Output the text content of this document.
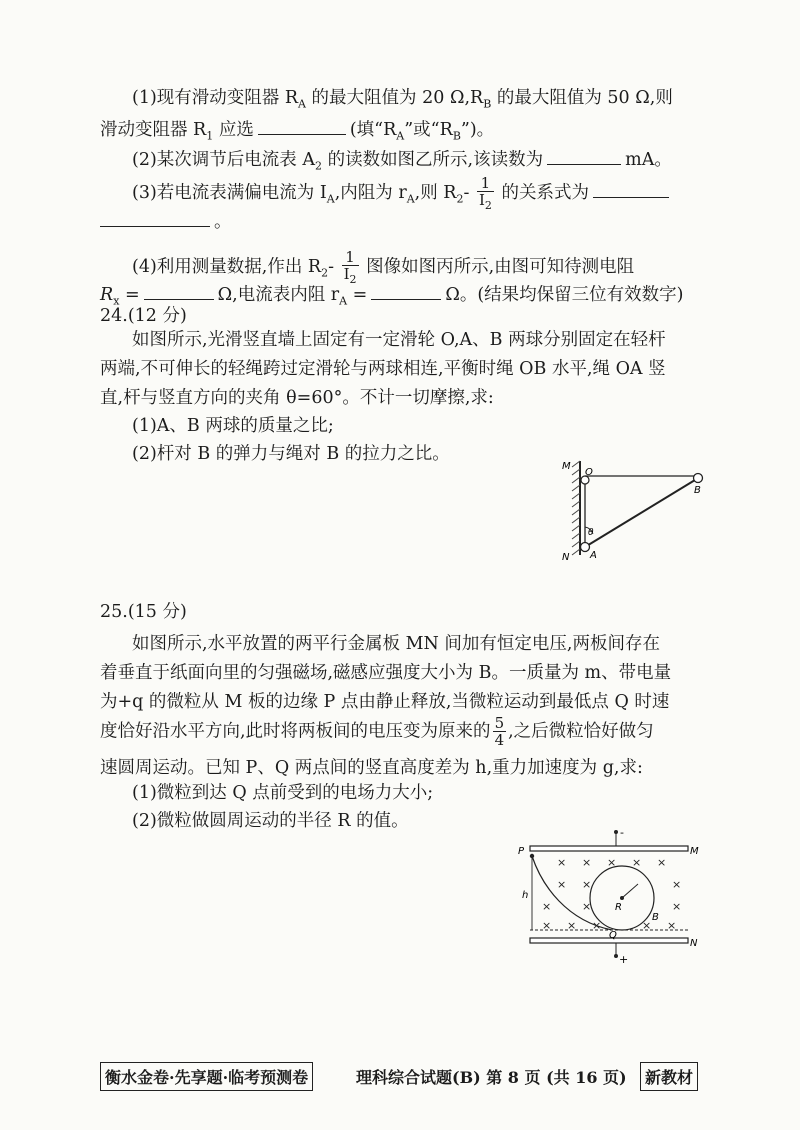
(1)现有滑动变阻器 $R_A$ 的最大阻值为 20 $\Omega,R_B$ 的最大阻值为 50 Ω,则
滑动变阻器 $R_1$ 应选	(填“$R_A$”或“$R_B$”)。
(2)某次调节后电流表 $A_2$ 的读数如图乙所示,该读数为	mA。
(3)若电流表满偏电流为 $I_A$,内阻为 $r_A$,则 $R_2- \frac{1}{I_2}$ 的关系式为
。
(4)利用测量数据,作出 $R_2- \frac{1}{I_2}$ 图像如图丙所示,由图可知待测电阻
$R_x$ =	Ω,电流表内阻 $r_A$ =	Ω。(结果均保留三位有效数字)
24.(12 分)
如图所示,光滑竖直墙上固定有一定滑轮 O,A、B 两球分别固定在轻杆
两端,不可伸长的轻绳跨过定滑轮与两球相连,平衡时绳 OB 水平,绳 OA 竖
直,杆与竖直方向的夹角 θ=60°。不计一切摩擦,求:
(1)A、B 两球的质量之比;
(2)杆对 B 的弹力与绳对 B 的拉力之比。
M
O
B
θ
N A
25.(15 分)
如图所示,水平放置的两平行金属板 MN 间加有恒定电压,两板间存在
着垂直于纸面向里的匀强磁场,磁感应强度大小为 B。一质量为 m、带电量
为+q 的微粒从 M 板的边缘 P 点由静止释放,当微粒运动到最低点 Q 时速
度恰好沿水平方向,此时将两板间的电压变为原来的 $\frac{5}{4}$ ,之后微粒恰好做匀
速圆周运动。已知 P、Q 两点间的竖直高度差为 h,重力加速度为 g,求:
(1)微粒到达 Q 点前受到的电场力大小;
(2)微粒做圆周运动的半径 R 的值。
-
+
P	M
N
h
R
B
Q
× × × × ×
× ×	×
×	×	×
× × ×	× ×
衡水金卷·先享题·临考预测卷	理科综合试题(B) 第 8 页 (共 16 页)	新教材
